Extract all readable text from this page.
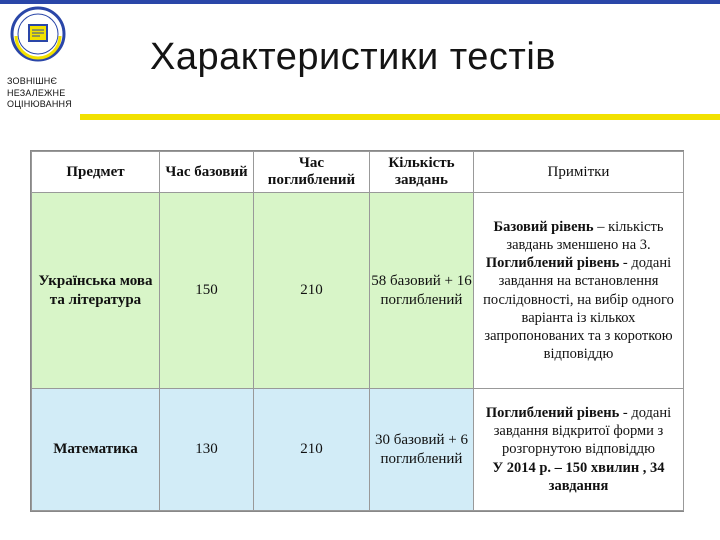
ЗОВНІШНЄ
НЕЗАЛЕЖНЕ
ОЦІНЮВАННЯ
Характеристики тестів
Предмет	Час базовий	Час поглиблений	Кількість завдань	Примітки
Українська мова та література	150	210	58 базовий + 16 поглиблений	Базовий рівень – кількість завдань зменшено на 3. Поглиблений рівень - додані завдання на встановлення послідовності, на вибір одного варіанта із кількох запропонованих та з короткою відповіддю
Математика	130	210	30 базовий + 6 поглиблений	Поглиблений рівень - додані завдання відкритої форми з розгорнутою відповіддю
У 2014 р. – 150 хвилин , 34 завдання
